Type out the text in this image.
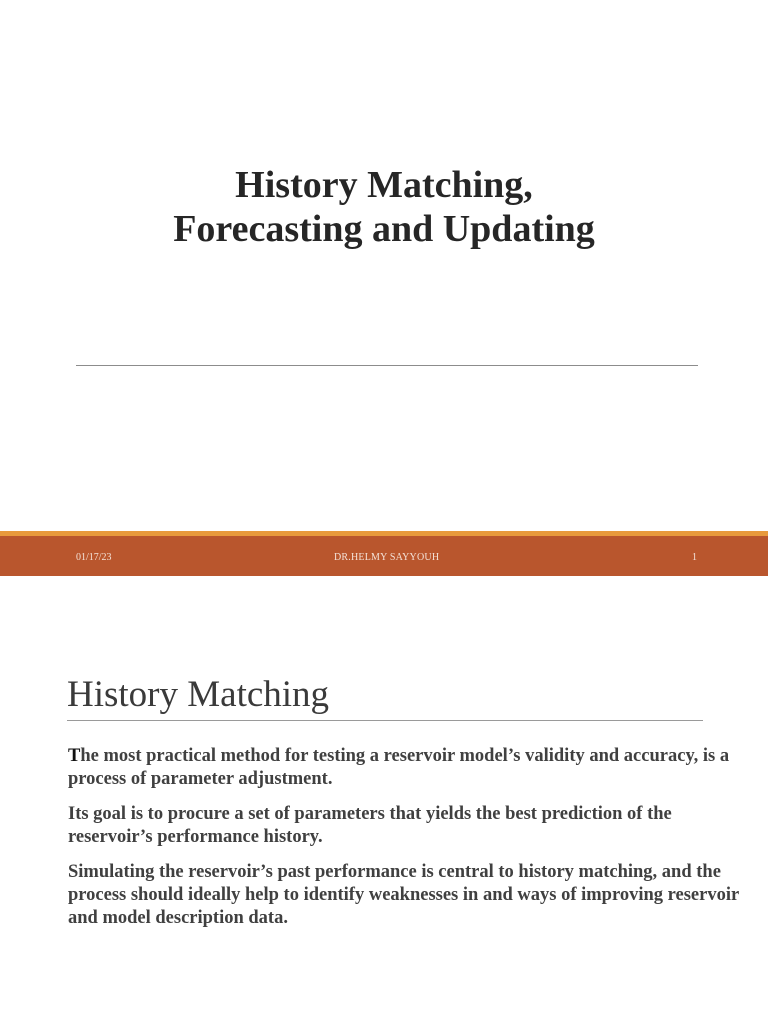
History Matching,
Forecasting and Updating
01/17/23	DR.HELMY SAYYOUH	1
History Matching

The most practical method for testing a reservoir model’s validity and accuracy, is a process of parameter adjustment.

Its goal is to procure a set of parameters that yields the best prediction of the reservoir’s performance history.

Simulating the reservoir’s past performance is central to history matching, and the process should ideally help to identify weaknesses in and ways of improving reservoir and model description data.
